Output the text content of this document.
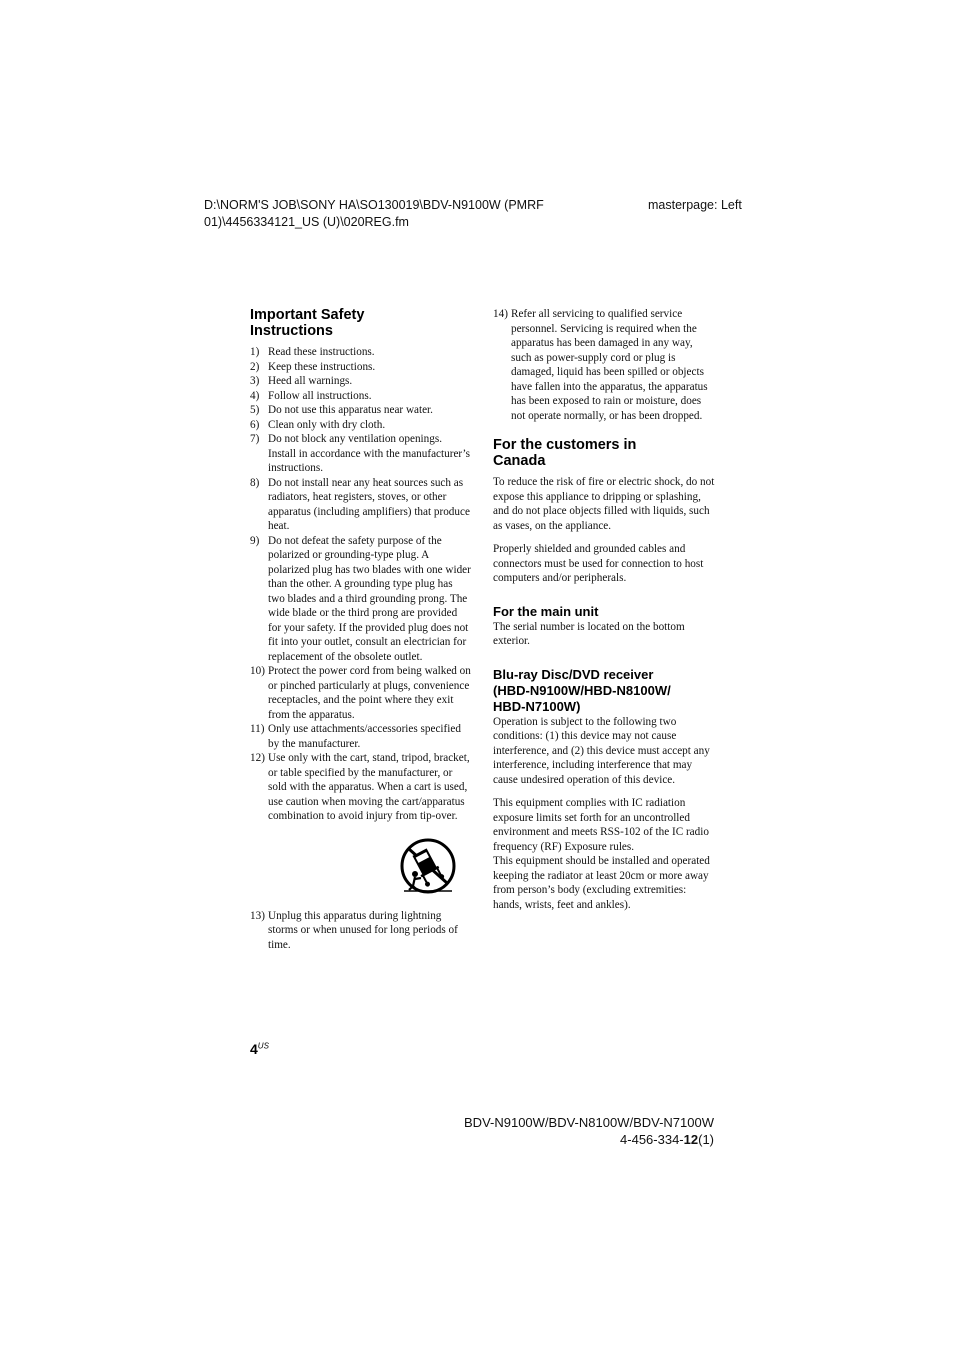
D:\NORM'S JOB\SONY HA\SO130019\BDV-N9100W (PMRF
01)\4456334121_US (U)\020REG.fm
masterpage: Left
Important Safety
Instructions
1) Read these instructions.
2) Keep these instructions.
3) Heed all warnings.
4) Follow all instructions.
5) Do not use this apparatus near water.
6) Clean only with dry cloth.
7) Do not block any ventilation openings. Install in accordance with the manufacturer’s instructions.
8) Do not install near any heat sources such as radiators, heat registers, stoves, or other apparatus (including amplifiers) that produce heat.
9) Do not defeat the safety purpose of the polarized or grounding-type plug. A polarized plug has two blades with one wider than the other. A grounding type plug has two blades and a third grounding prong. The wide blade or the third prong are provided for your safety. If the provided plug does not fit into your outlet, consult an electrician for replacement of the obsolete outlet.
10) Protect the power cord from being walked on or pinched particularly at plugs, convenience receptacles, and the point where they exit from the apparatus.
11) Only use attachments/accessories specified by the manufacturer.
12) Use only with the cart, stand, tripod, bracket, or table specified by the manufacturer, or sold with the apparatus. When a cart is used, use caution when moving the cart/apparatus combination to avoid injury from tip-over.
13) Unplug this apparatus during lightning storms or when unused for long periods of time.
14) Refer all servicing to qualified service personnel. Servicing is required when the apparatus has been damaged in any way, such as power-supply cord or plug is damaged, liquid has been spilled or objects have fallen into the apparatus, the apparatus has been exposed to rain or moisture, does not operate normally, or has been dropped.
For the customers in
Canada

To reduce the risk of fire or electric shock, do not expose this appliance to dripping or splashing, and do not place objects filled with liquids, such as vases, on the appliance.

Properly shielded and grounded cables and connectors must be used for connection to host computers and/or peripherals.

For the main unit

The serial number is located on the bottom exterior.

Blu-ray Disc/DVD receiver
(HBD-N9100W/HBD-N8100W/
HBD-N7100W)

Operation is subject to the following two conditions: (1) this device may not cause interference, and (2) this device must accept any interference, including interference that may cause undesired operation of this device.

This equipment complies with IC radiation exposure limits set forth for an uncontrolled environment and meets RSS-102 of the IC radio frequency (RF) Exposure rules.

This equipment should be installed and operated keeping the radiator at least 20cm or more away from person’s body (excluding extremities: hands, wrists, feet and ankles).

$4^{US}$
BDV-N9100W/BDV-N8100W/BDV-N7100W
4-456-334-12(1)
